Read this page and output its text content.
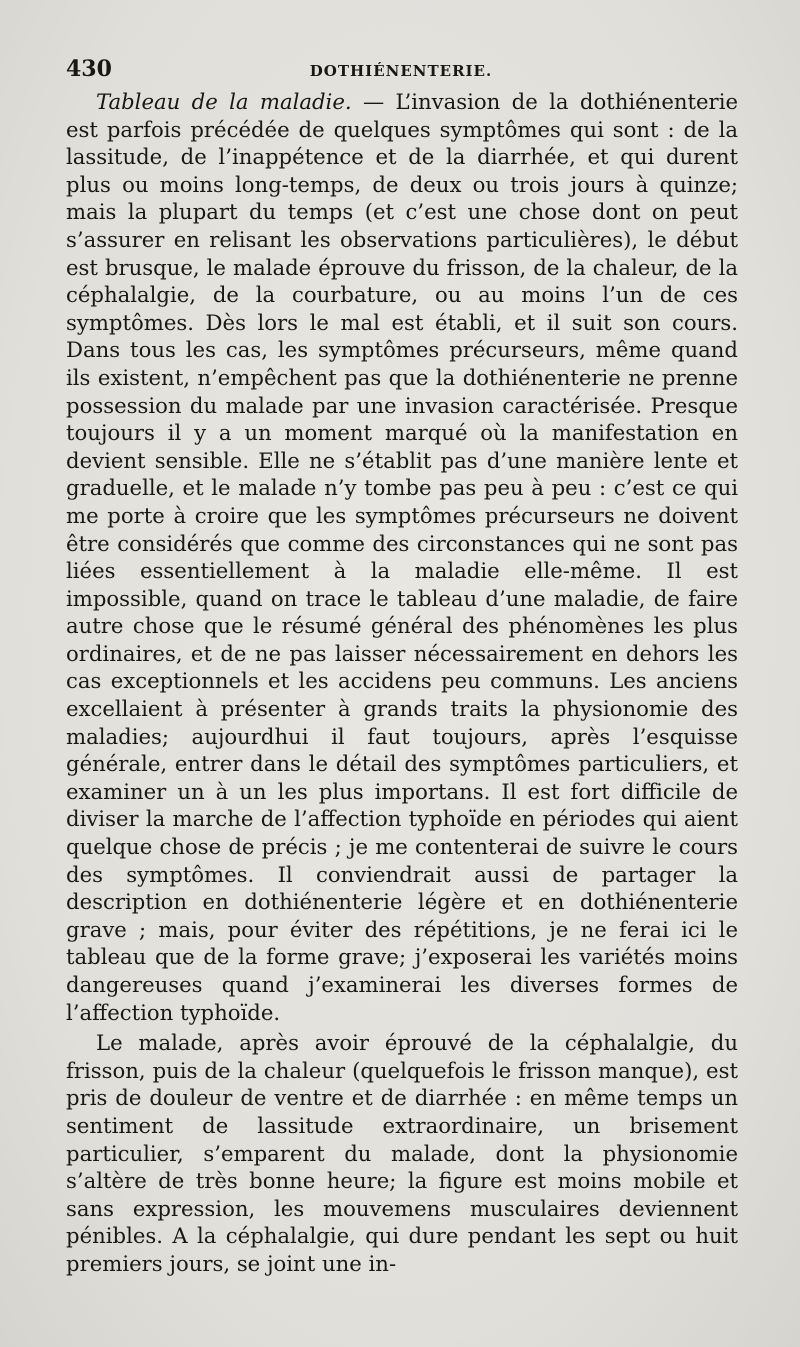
430	DOTHIÉNENTERIE.

Tableau de la maladie. — L’invasion de la dothiénenterie est parfois précédée de quelques symptômes qui sont : de la lassitude, de l’inappétence et de la diarrhée, et qui durent plus ou moins long-temps, de deux ou trois jours à quinze; mais la plupart du temps (et c’est une chose dont on peut s’assurer en relisant les observations particulières), le début est brusque, le malade éprouve du frisson, de la chaleur, de la céphalalgie, de la courbature, ou au moins l’un de ces symptômes. Dès lors le mal est établi, et il suit son cours. Dans tous les cas, les symptômes précurseurs, même quand ils existent, n’empêchent pas que la dothiénenterie ne prenne possession du malade par une invasion caractérisée. Presque toujours il y a un moment marqué où la manifestation en devient sensible. Elle ne s’établit pas d’une manière lente et graduelle, et le malade n’y tombe pas peu à peu : c’est ce qui me porte à croire que les symptômes précurseurs ne doivent être considérés que comme des circonstances qui ne sont pas liées essentiellement à la maladie elle-même. Il est impossible, quand on trace le tableau d’une maladie, de faire autre chose que le résumé général des phénomènes les plus ordinaires, et de ne pas laisser nécessairement en dehors les cas exceptionnels et les accidens peu communs. Les anciens excellaient à présenter à grands traits la physionomie des maladies; aujourdhui il faut toujours, après l’esquisse générale, entrer dans le détail des symptômes particuliers, et examiner un à un les plus importans. Il est fort difficile de diviser la marche de l’affection typhoïde en périodes qui aient quelque chose de précis ; je me contenterai de suivre le cours des symptômes. Il conviendrait aussi de partager la description en dothiénenterie légère et en dothiénenterie grave ; mais, pour éviter des répétitions, je ne ferai ici le tableau que de la forme grave; j’exposerai les variétés moins dangereuses quand j’examinerai les diverses formes de l’affection typhoïde.

Le malade, après avoir éprouvé de la céphalalgie, du frisson, puis de la chaleur (quelquefois le frisson manque), est pris de douleur de ventre et de diarrhée : en même temps un sentiment de lassitude extraordinaire, un brisement particulier, s’emparent du malade, dont la physionomie s’altère de très bonne heure; la figure est moins mobile et sans expression, les mouvemens musculaires deviennent pénibles. A la céphalalgie, qui dure pendant les sept ou huit premiers jours, se joint une in-
